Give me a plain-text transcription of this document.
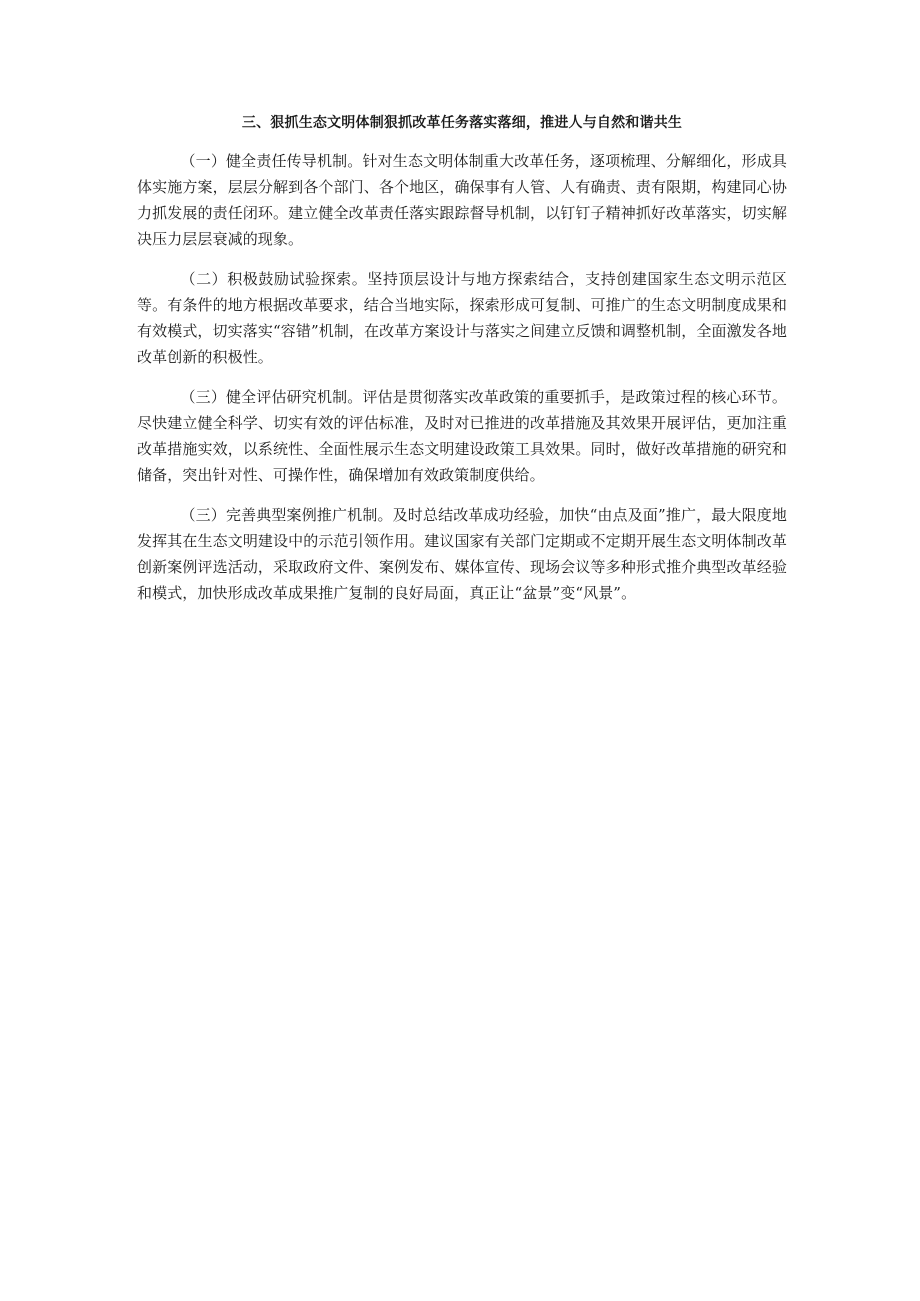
三、狠抓生态文明体制狠抓改革任务落实落细，推进人与自然和谐共生

（一）健全责任传导机制。针对生态文明体制重大改革任务，逐项梳理、分解细化，形成具体实施方案，层层分解到各个部门、各个地区，确保事有人管、人有确责、责有限期，构建同心协力抓发展的责任闭环。建立健全改革责任落实跟踪督导机制，以钉钉子精神抓好改革落实，切实解决压力层层衰减的现象。

（二）积极鼓励试验探索。坚持顶层设计与地方探索结合，支持创建国家生态文明示范区等。有条件的地方根据改革要求，结合当地实际，探索形成可复制、可推广的生态文明制度成果和有效模式，切实落实“容错”机制，在改革方案设计与落实之间建立反馈和调整机制，全面激发各地改革创新的积极性。

（三）健全评估研究机制。评估是贯彻落实改革政策的重要抓手，是政策过程的核心环节。尽快建立健全科学、切实有效的评估标准，及时对已推进的改革措施及其效果开展评估，更加注重改革措施实效，以系统性、全面性展示生态文明建设政策工具效果。同时，做好改革措施的研究和储备，突出针对性、可操作性，确保增加有效政策制度供给。

（三）完善典型案例推广机制。及时总结改革成功经验，加快“由点及面”推广，最大限度地发挥其在生态文明建设中的示范引领作用。建议国家有关部门定期或不定期开展生态文明体制改革创新案例评选活动，采取政府文件、案例发布、媒体宣传、现场会议等多种形式推介典型改革经验和模式，加快形成改革成果推广复制的良好局面，真正让“盆景”变“风景”。
